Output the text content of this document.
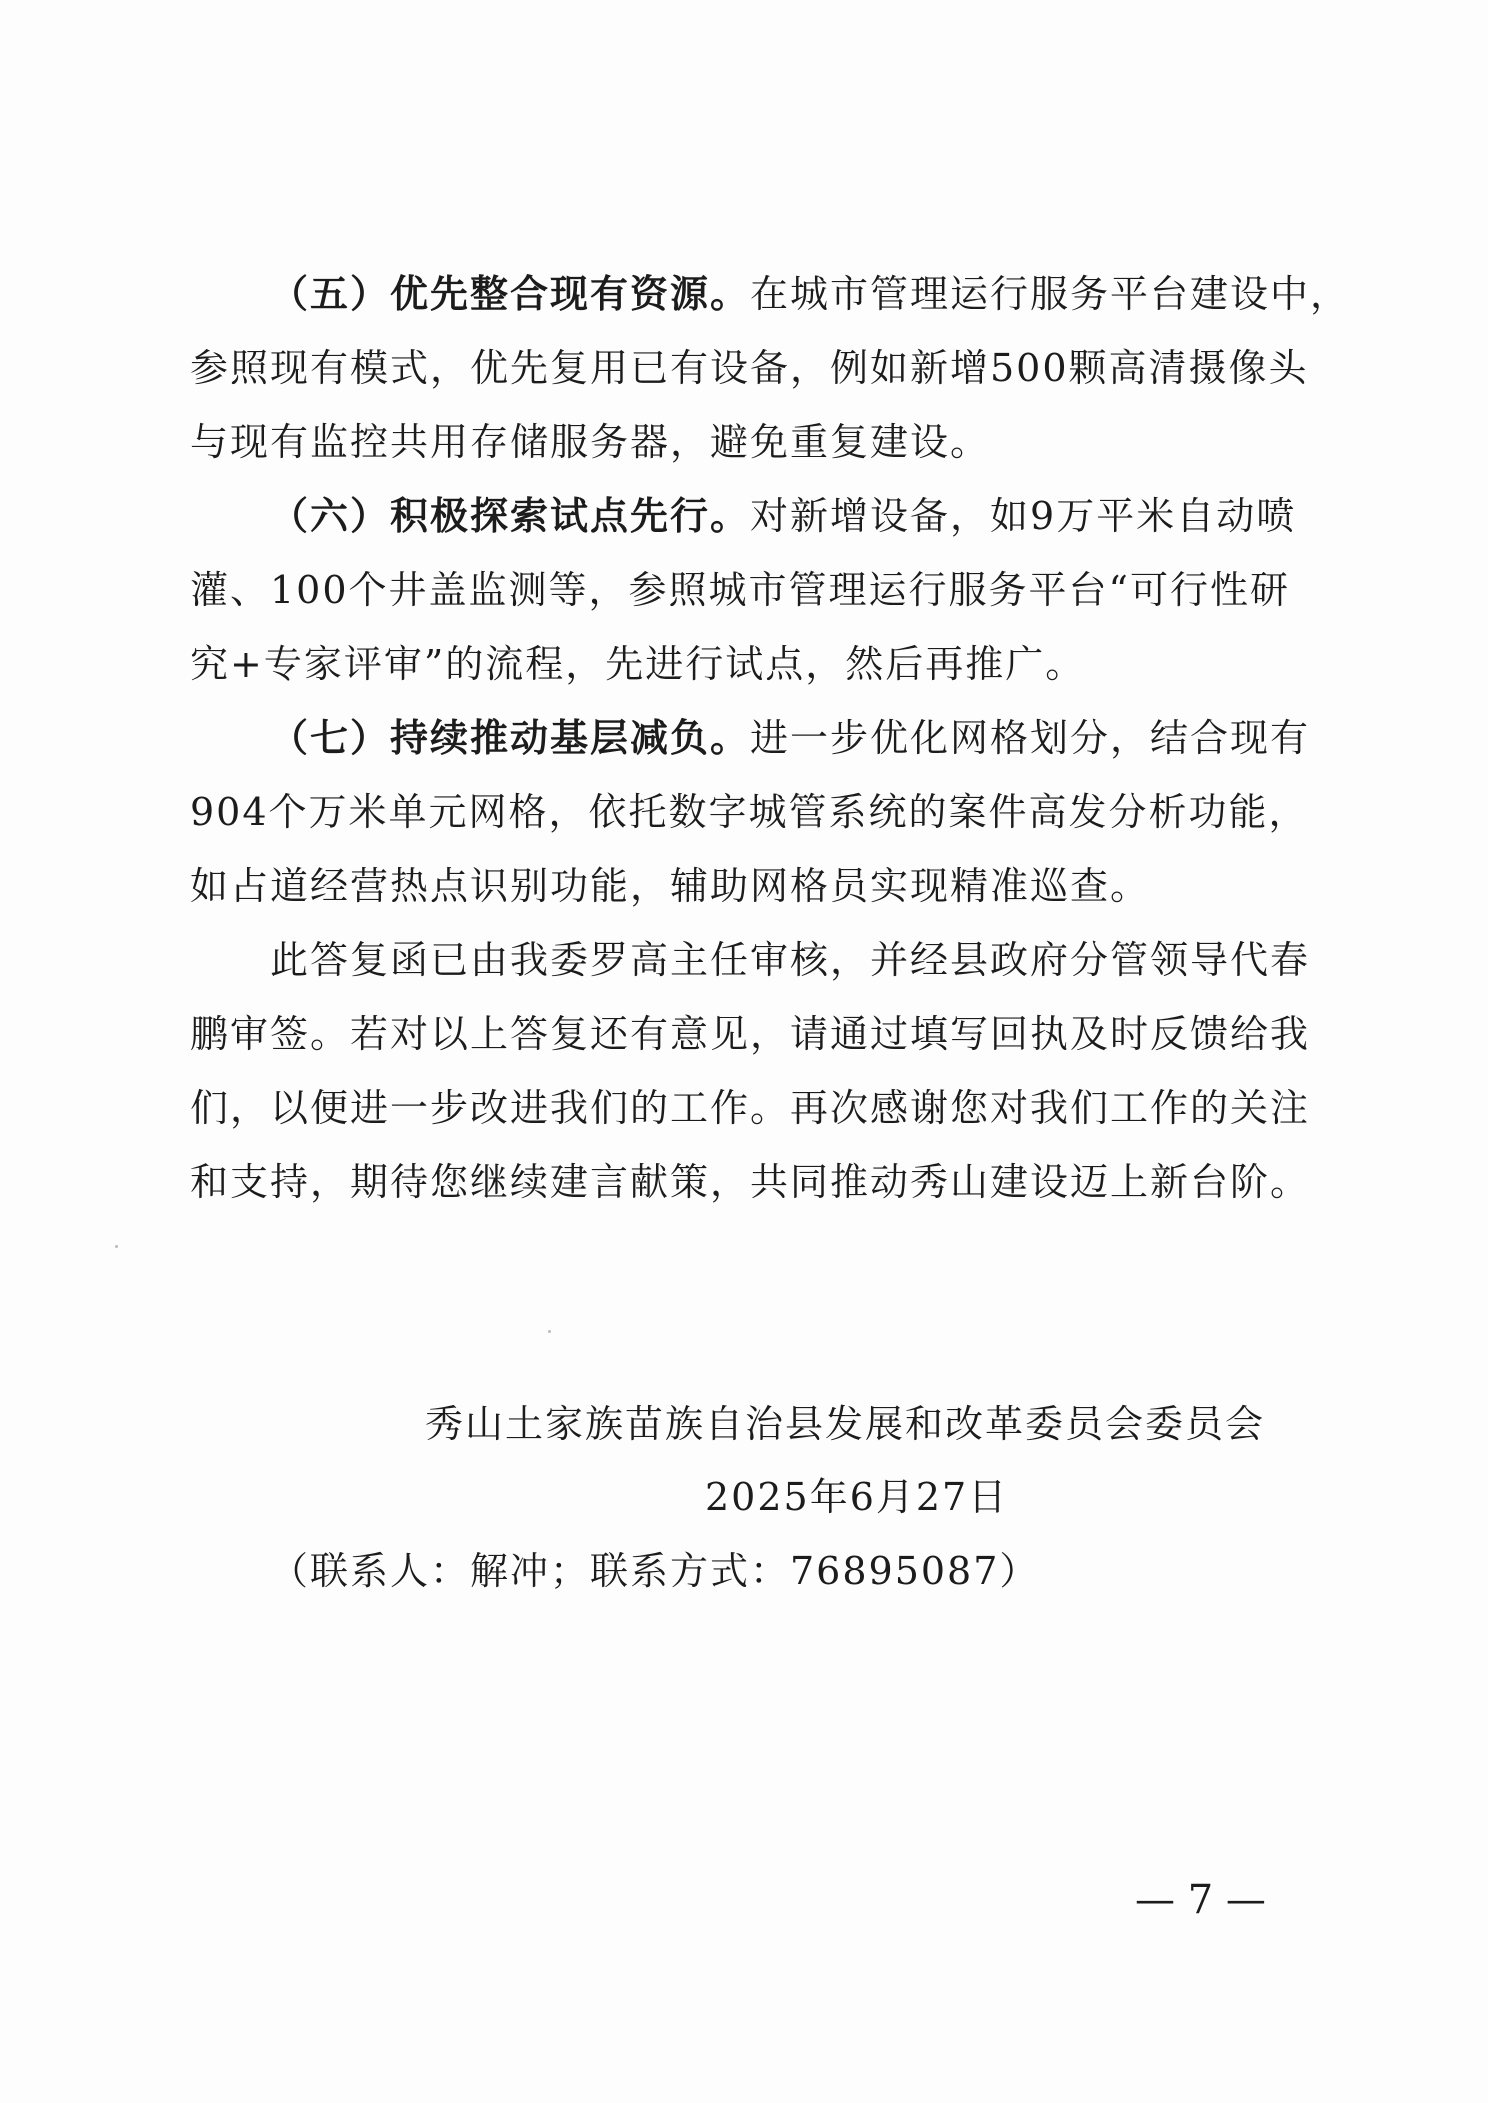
（五）优先整合现有资源。在城市管理运行服务平台建设中，
参照现有模式，优先复用已有设备，例如新增500颗高清摄像头
与现有监控共用存储服务器，避免重复建设。
（六）积极探索试点先行。对新增设备，如9万平米自动喷
灌、100个井盖监测等，参照城市管理运行服务平台“可行性研
究+专家评审”的流程，先进行试点，然后再推广。
（七）持续推动基层减负。进一步优化网格划分，结合现有
904个万米单元网格，依托数字城管系统的案件高发分析功能，
如占道经营热点识别功能，辅助网格员实现精准巡查。
此答复函已由我委罗高主任审核，并经县政府分管领导代春
鹏审签。若对以上答复还有意见，请通过填写回执及时反馈给我
们，以便进一步改进我们的工作。再次感谢您对我们工作的关注
和支持，期待您继续建言献策，共同推动秀山建设迈上新台阶。
秀山土家族苗族自治县发展和改革委员会委员会
2025年6月27日
（联系人：解冲；联系方式：76895087）
— 7 —
